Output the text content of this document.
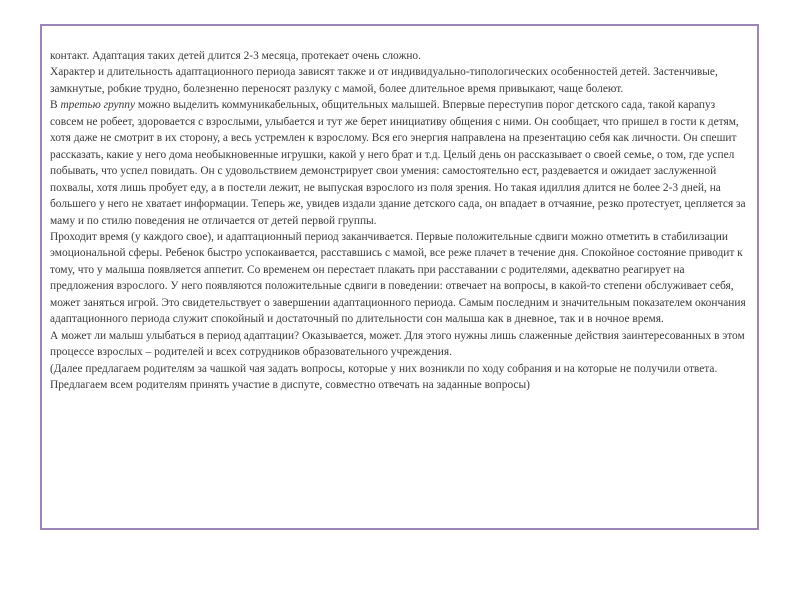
контакт. Адаптация таких детей длится 2-3 месяца, протекает очень сложно.

Характер и длительность адаптационного периода зависят также и от индивидуально-типологических особенностей детей. Застенчивые, замкнутые, робкие трудно, болезненно переносят разлуку с мамой, более длительное время привыкают, чаще болеют.

В третью группу можно выделить коммуникабельных, общительных малышей. Впервые переступив порог детского сада, такой карапуз совсем не робеет, здоровается с взрослыми, улыбается и тут же берет инициативу общения с ними. Он сообщает, что пришел в гости к детям, хотя даже не смотрит в их сторону, а весь устремлен к взрослому. Вся его энергия направлена на презентацию себя как личности. Он спешит рассказать, какие у него дома необыкновенные игрушки, какой у него брат и т.д. Целый день он рассказывает о своей семье, о том, где успел побывать, что успел повидать. Он с удовольствием демонстрирует свои умения: самостоятельно ест, раздевается и ожидает заслуженной похвалы, хотя лишь пробует еду, а в постели лежит, не выпуская взрослого из поля зрения. Но такая идиллия длится не более 2-3 дней, на большего у него не хватает информации. Теперь же, увидев издали здание детского сада, он впадает в отчаяние, резко протестует, цепляется за маму и по стилю поведения не отличается от детей первой группы.

Проходит время (у каждого свое), и адаптационный период заканчивается. Первые положительные сдвиги можно отметить в стабилизации эмоциональной сферы. Ребенок быстро успокаивается, расставшись с мамой, все реже плачет в течение дня. Спокойное состояние приводит к тому, что у малыша появляется аппетит. Со временем он перестает плакать при расставании с родителями, адекватно реагирует на предложения взрослого. У него появляются положительные сдвиги в поведении: отвечает на вопросы, в какой-то степени обслуживает себя, может заняться игрой. Это свидетельствует о завершении адаптационного периода. Самым последним и значительным показателем окончания адаптационного периода служит спокойный и достаточный по длительности сон малыша как в дневное, так и в ночное время.

А может ли малыш улыбаться в период адаптации? Оказывается, может. Для этого нужны лишь слаженные действия заинтересованных в этом процессе взрослых – родителей и всех сотрудников образовательного учреждения.

(Далее предлагаем родителям за чашкой чая задать вопросы, которые у них возникли по ходу собрания и на которые не получили ответа. Предлагаем всем родителям принять участие в диспуте, совместно отвечать на заданные вопросы)
